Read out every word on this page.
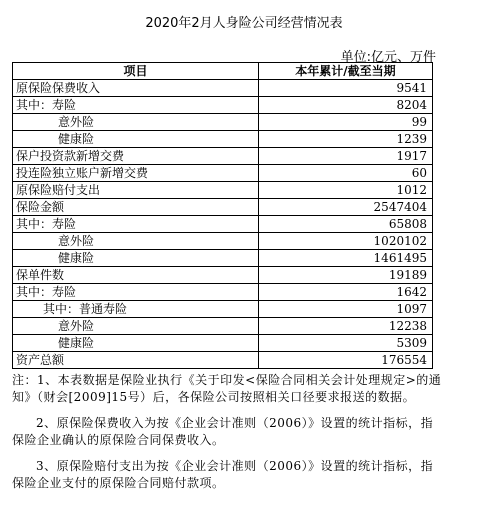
2020年2月人身险公司经营情况表
单位:亿元、万件
项目	本年累计/截至当期
原保险保费收入	9541
其中：寿险	8204
意外险	99
健康险	1239
保户投资款新增交费	1917
投连险独立账户新增交费	60
原保险赔付支出	1012
保险金额	2547404
其中：寿险	65808
意外险	1020102
健康险	1461495
保单件数	19189
其中：寿险	1642
其中：普通寿险	1097
意外险	12238
健康险	5309
资产总额	176554

注：1、本表数据是保险业执行《关于印发<保险合同相关会计处理规定>的通知》（财会[2009]15号）后，各保险公司按照相关口径要求报送的数据。

2、原保险保费收入为按《企业会计准则（2006）》设置的统计指标，指保险企业确认的原保险合同保费收入。

3、原保险赔付支出为按《企业会计准则（2006）》设置的统计指标，指保险企业支付的原保险合同赔付款项。
